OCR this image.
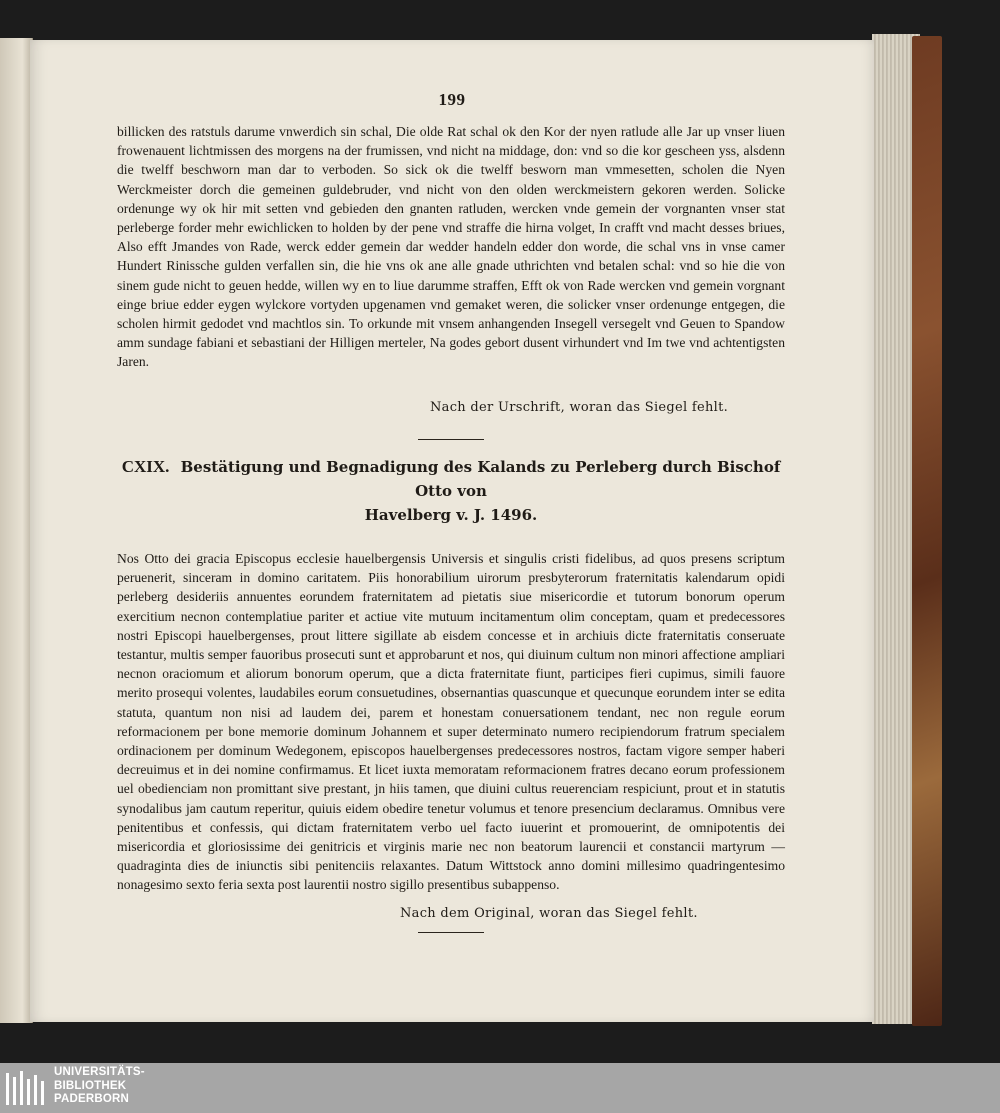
199

billicken des ratstuls darume vnwerdich sin schal, Die olde Rat schal ok den Kor der nyen ratlude alle Jar up vnser liuen frowenauent lichtmissen des morgens na der frumissen, vnd nicht na middage, don: vnd so die kor gescheen yss, alsdenn die twelff beschworn man dar to verboden. So sick ok die twelff besworn man vmmesetten, scholen die Nyen Werckmeister dorch die gemeinen guldebruder, vnd nicht von den olden werckmeistern gekoren werden. Solicke ordenunge wy ok hir mit setten vnd gebieden den gnanten ratluden, wercken vnde gemein der vorgnanten vnser stat perleberge forder mehr ewichlicken to holden by der pene vnd straffe die hirna volget, In crafft vnd macht desses briues, Also efft Jmandes von Rade, werck edder gemein dar wedder handeln edder don worde, die schal vns in vnse camer Hundert Rinissche gulden verfallen sin, die hie vns ok ane alle gnade uthrichten vnd betalen schal: vnd so hie die von sinem gude nicht to geuen hedde, willen wy en to liue darumme straffen, Efft ok von Rade wercken vnd gemein vorgnant einge briue edder eygen wylckore vortyden upgenamen vnd gemaket weren, die solicker vnser ordenunge entgegen, die scholen hirmit gedodet vnd machtlos sin. To orkunde mit vnsem anhangenden Insegell versegelt vnd Geuen to Spandow amm sundage fabiani et sebastiani der Hilligen merteler, Na godes gebort dusent virhundert vnd Im twe vnd achtentigsten Jaren.

Nach der Urschrift, woran das Siegel fehlt.
CXIX. Bestätigung und Begnadigung des Kalands zu Perleberg durch Bischof Otto von
Havelberg v. J. 1496.

Nos Otto dei gracia Episcopus ecclesie hauelbergensis Universis et singulis cristi fidelibus, ad quos presens scriptum peruenerit, sinceram in domino caritatem. Piis honorabilium uirorum presbyterorum fraternitatis kalendarum opidi perleberg desideriis annuentes eorundem fraternitatem ad pietatis siue misericordie et tutorum bonorum operum exercitium necnon contemplatiue pariter et actiue vite mutuum incitamentum olim conceptam, quam et predecessores nostri Episcopi hauelbergenses, prout littere sigillate ab eisdem concesse et in archiuis dicte fraternitatis conseruate testantur, multis semper fauoribus prosecuti sunt et approbarunt et nos, qui diuinum cultum non minori affectione ampliari necnon oraciomum et aliorum bonorum operum, que a dicta fraternitate fiunt, participes fieri cupimus, simili fauore merito prosequi volentes, laudabiles eorum consuetudines, obsernantias quascunque et quecunque eorundem inter se edita statuta, quantum non nisi ad laudem dei, parem et honestam conuersationem tendant, nec non regule eorum reformacionem per bone memorie dominum Johannem et super determinato numero recipiendorum fratrum specialem ordinacionem per dominum Wedegonem, episcopos hauelbergenses predecessores nostros, factam vigore semper haberi decreuimus et in dei nomine confirmamus. Et licet iuxta memoratam reformacionem fratres decano eorum professionem uel obedienciam non promittant sive prestant, jn hiis tamen, que diuini cultus reuerenciam respiciunt, prout et in statutis synodalibus jam cautum reperitur, quiuis eidem obedire tenetur volumus et tenore presencium declaramus. Omnibus vere penitentibus et confessis, qui dictam fraternitatem verbo uel facto iuuerint et promouerint, de omnipotentis dei misericordia et gloriosissime dei genitricis et virginis marie nec non beatorum laurencii et constancii martyrum — quadraginta dies de iniunctis sibi penitenciis relaxantes. Datum Wittstock anno domini millesimo quadringentesimo nonagesimo sexto feria sexta post laurentii nostro sigillo presentibus subappenso.

Nach dem Original, woran das Siegel fehlt.
UNIVERSITÄTS-
BIBLIOTHEK
PADERBORN
